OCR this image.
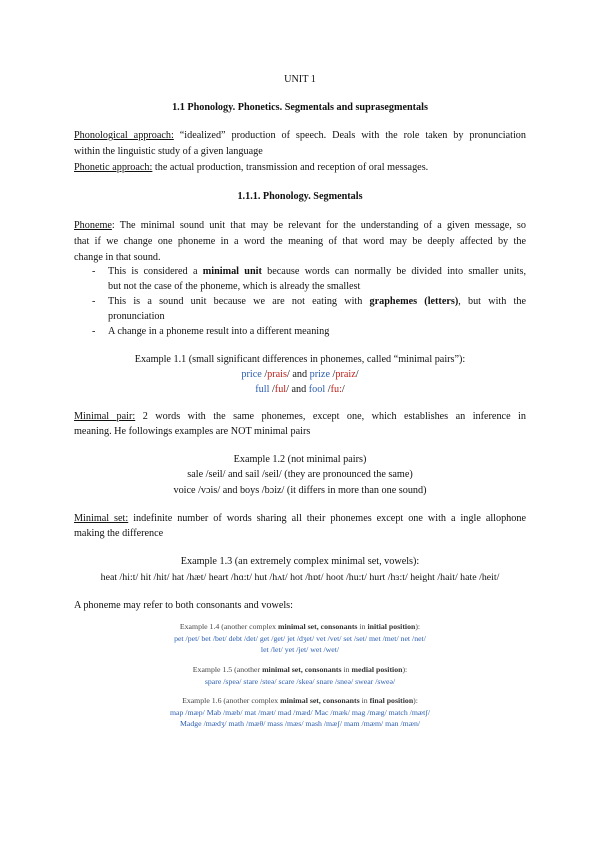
UNIT 1
1.1 Phonology. Phonetics. Segmentals and suprasegmentals
Phonological approach: “idealized” production of speech. Deals with the role taken by pronunciation
within the linguistic study of a given language
Phonetic approach: the actual production, transmission and reception of oral messages.
1.1.1. Phonology. Segmentals
Phoneme: The minimal sound unit that may be relevant for the understanding of a given message, so
that if we change one phoneme in a word the meaning of that word may be deeply affected by the
change in that sound.
- This is considered a minimal unit because words can normally be divided into smaller units,
but not the case of the phoneme, which is already the smallest
- This is a sound unit because we are not eating with graphemes (letters), but with the
pronunciation
- A change in a phoneme result into a different meaning
Example 1.1 (small significant differences in phonemes, called “minimal pairs”):
price /prais/ and prize /praiz/
full /ful/ and fool /fu:/
Minimal pair: 2 words with the same phonemes, except one, which establishes an inference in
meaning. He followings examples are NOT minimal pairs
Example 1.2 (not minimal pairs)
sale /seil/ and sail /seil/ (they are pronounced the same)
voice /vɔis/ and boys /bɔiz/ (it differs in more than one sound)
Minimal set: indefinite number of words sharing all their phonemes except one with a ingle allophone
making the difference
Example 1.3 (an extremely complex minimal set, vowels):
heat /hi:t/ hit /hit/ hat /hæt/ heart /hɑ:t/ hut /hʌt/ hot /hɒt/ hoot /hu:t/ hurt /hɜ:t/ height /hait/ hate /heit/
A phoneme may refer to both consonants and vowels:
Example 1.4 (another complex minimal set, consonants in initial position):
pet /pet/ bet /bet/ debt /det/ get /get/ jet /dʒet/ vet /vet/ set /set/ met /met/ net /net/
let /let/ yet /jet/ wet /wet/
Example 1.5 (another minimal set, consonants in medial position):
spare /speə/ stare /steə/ scare /skeə/ snare /sneə/ swear /sweə/
Example 1.6 (another complex minimal set, consonants in final position):
map /mæp/ Mab /mæb/ mat /mæt/ mad /mæd/ Mac /mæk/ mag /mæg/ match /mætʃ/
Madge /mædʒ/ math /mæθ/ mass /mæs/ mash /mæʃ/ mam /mæm/ man /mæn/
